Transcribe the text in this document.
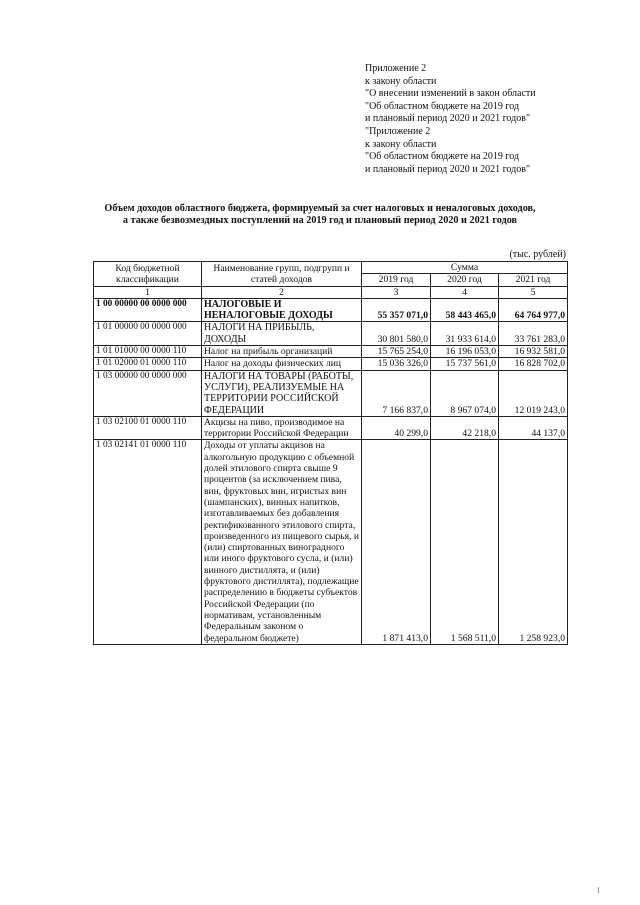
Приложение 2
к закону области
"О внесении изменений в закон области
"Об областном бюджете на 2019 год
и плановый период 2020 и 2021 годов"
"Приложение 2
к закону области
"Об областном бюджете на 2019 год
и плановый период 2020 и 2021 годов"
Объем доходов областного бюджета, формируемый за счет налоговых и неналоговых доходов,
а также безвозмездных поступлений на 2019 год и плановый период 2020 и 2021 годов
(тыс. рублей)
Код бюджетной классификации	Наименование групп, подгрупп и статей доходов	Сумма		
		2019 год	2020 год	2021 год
1	2	3	4	5
1 00 00000 00 0000 000	НАЛОГОВЫЕ И НЕНАЛОГОВЫЕ ДОХОДЫ	55 357 071,0	58 443 465,0	64 764 977,0
1 01 00000 00 0000 000	НАЛОГИ НА ПРИБЫЛЬ, ДОХОДЫ	30 801 580,0	31 933 614,0	33 761 283,0
1 01 01000 00 0000 110	Налог на прибыль организаций	15 765 254,0	16 196 053,0	16 932 581,0
1 01 02000 01 0000 110	Налог на доходы физических лиц	15 036 326,0	15 737 561,0	16 828 702,0
1 03 00000 00 0000 000	НАЛОГИ НА ТОВАРЫ (РАБОТЫ, УСЛУГИ), РЕАЛИЗУЕМЫЕ НА ТЕРРИТОРИИ РОССИЙСКОЙ ФЕДЕРАЦИИ	7 166 837,0	8 967 074,0	12 019 243,0
1 03 02100 01 0000 110	Акцизы на пиво, производимое на территории Российской Федерации	40 299,0	42 218,0	44 137,0
1 03 02141 01 0000 110	Доходы от уплаты акцизов на алкогольную продукцию с объемной долей этилового спирта свыше 9 процентов (за исключением пива, вин, фруктовых вин, игристых вин (шампанских), винных напитков, изготавливаемых без добавления ректификованного этилового спирта, произведенного из пищевого сырья, и (или) спиртованных виноградного или иного фруктового сусла, и (или) винного дистиллята, и (или) фруктового дистиллята), подлежащие распределению в бюджеты субъектов Российской Федерации (по нормативам, установленным Федеральным законом о федеральном бюджете)	1 871 413,0	1 568 511,0	1 258 923,0
I
